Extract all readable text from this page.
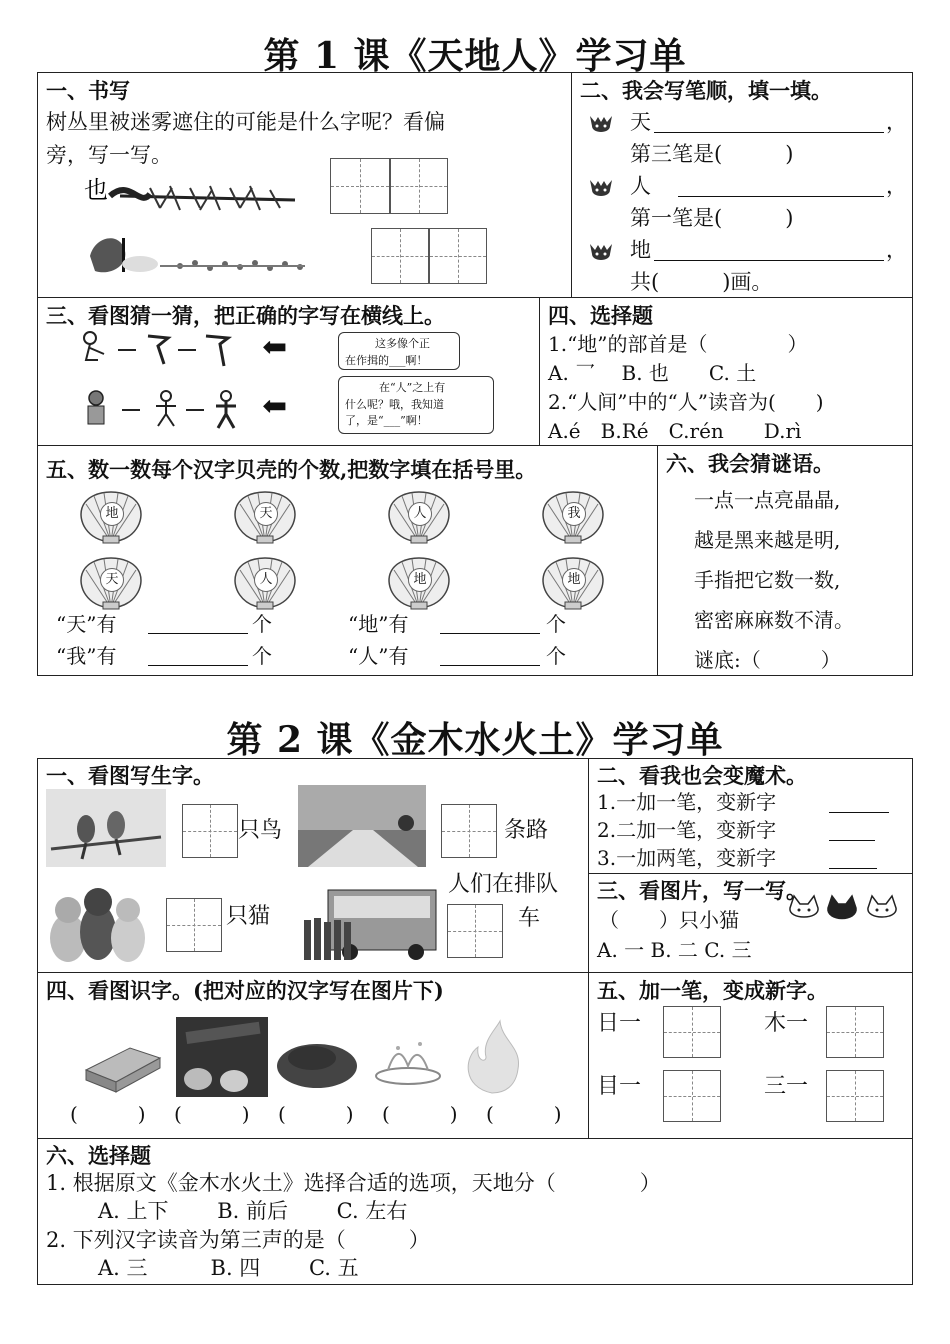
第 1 课《天地人》学习单
一、书写
树丛里被迷雾遮住的可能是什么字呢？看偏
旁，写一写。
也
二、我会写笔顺，填一填。
天	，
第三笔是(　　　)
人	，
第一笔是(　　　)
地	，
共(　　　)画。
三、看图猜一猜，把正确的字写在横线上。
⬅	这多像个正
在作揖的___啊！
⬅
在“人”之上有
什么呢？哦，我知道
了，是“___”啊！
四、选择题
1.“地”的部首是（　　　　）
A. 乛　 B. 也　　C. 土
2.“人间”中的“人”读音为(　　)
A.é　B.Ré　C.rén　　D.rì
五、数一数每个汉字贝壳的个数,把数字填在括号里。
地	天	人	我
天	人	地	地
“天”有	个	“地”有	个
“我”有	个	“人”有	个
六、我会猜谜语。
一点一点亮晶晶,
越是黑来越是明,
手指把它数一数,
密密麻麻数不清。
谜底:（　　　）
第 2 课《金木水火土》学习单
一、看图写生字。
只鸟	条路
只猫
人们在排队
车
二、看我也会变魔术。
1.一加一笔，变新字
2.二加一笔，变新字
3.一加两笔，变新字
三、看图片，写一写。
（　　）只小猫
A. 一 B. 二 C. 三
四、看图识字。(把对应的汉字写在图片下)
(　　　) (　　　) (　　　) (　　　) (　　　)
五、加一笔，变成新字。
日一	木一
目一	三一
六、选择题
1. 根据原文《金木水火土》选择合适的选项，天地分（　　　　）
A. 上下　　 B. 前后　　 C. 左右
2. 下列汉字读音为第三声的是（　　　）
A. 三　　　B. 四　　 C. 五
